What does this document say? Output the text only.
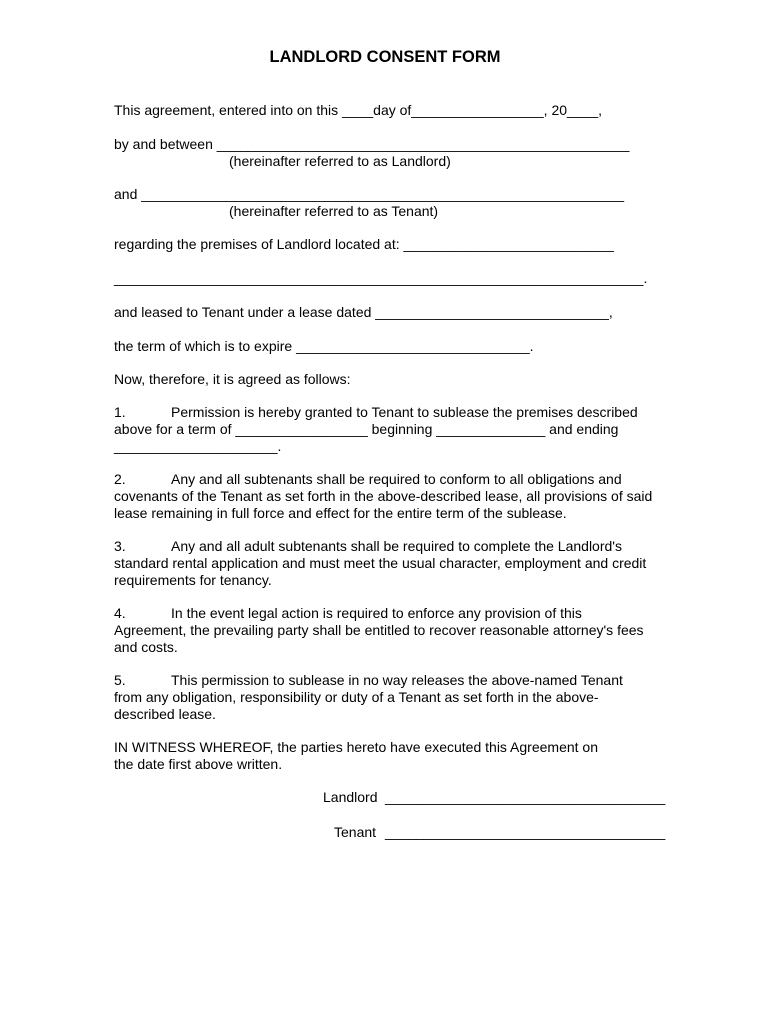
LANDLORD CONSENT FORM
This agreement, entered into on this ____day of_________________, 20____,
by and between _____________________________________________________
(hereinafter referred to as Landlord)
and ______________________________________________________________
(hereinafter referred to as Tenant)
regarding the premises of Landlord located at: ___________________________
____________________________________________________________________.
and leased to Tenant under a lease dated ______________________________,
the term of which is to expire ______________________________.
Now, therefore, it is agreed as follows:
1.	Permission is hereby granted to Tenant to sublease the premises described
above for a term of _________________ beginning ______________ and ending
_____________________.
2.	Any and all subtenants shall be required to conform to all obligations and
covenants of the Tenant as set forth in the above-described lease, all provisions of said
lease remaining in full force and effect for the entire term of the sublease.
3.	Any and all adult subtenants shall be required to complete the Landlord's
standard rental application and must meet the usual character, employment and credit
requirements for tenancy.
4.	In the event legal action is required to enforce any provision of this
Agreement, the prevailing party shall be entitled to recover reasonable attorney's fees
and costs.
5.	This permission to sublease in no way releases the above-named Tenant
from any obligation, responsibility or duty of a Tenant as set forth in the above-
described lease.
IN WITNESS WHEREOF, the parties hereto have executed this Agreement on
the date first above written.
Landlord ____________________________________
Tenant ____________________________________
